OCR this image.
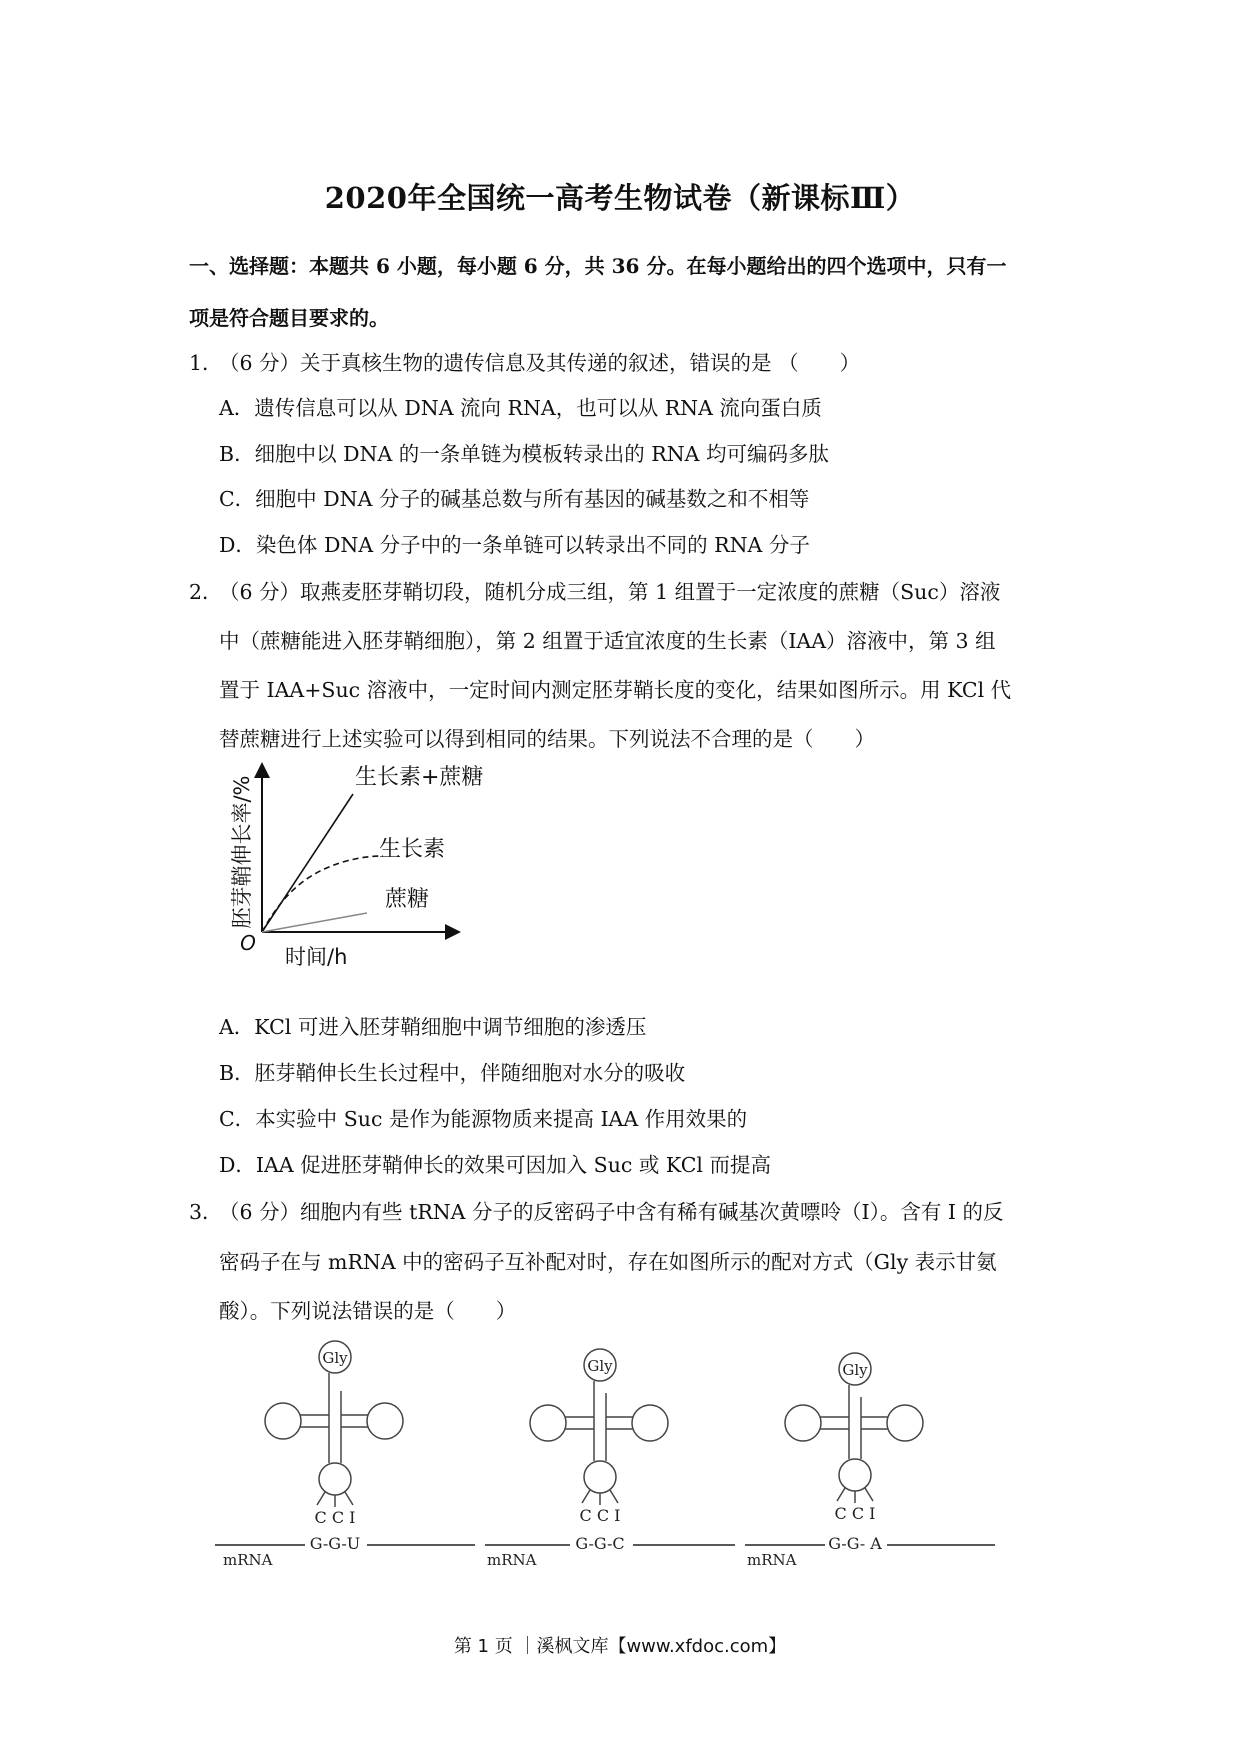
2020年全国统一高考生物试卷（新课标Ⅲ）
一、选择题：本题共 6 小题，每小题 6 分，共 36 分。在每小题给出的四个选项中，只有一
项是符合题目要求的。
1．（6 分）关于真核生物的遗传信息及其传递的叙述，错误的是 （　　）
A．遗传信息可以从 DNA 流向 RNA，也可以从 RNA 流向蛋白质
B．细胞中以 DNA 的一条单链为模板转录出的 RNA 均可编码多肽
C．细胞中 DNA 分子的碱基总数与所有基因的碱基数之和不相等
D．染色体 DNA 分子中的一条单链可以转录出不同的 RNA 分子
2．（6 分）取燕麦胚芽鞘切段，随机分成三组，第 1 组置于一定浓度的蔗糖（Suc）溶液
中（蔗糖能进入胚芽鞘细胞），第 2 组置于适宜浓度的生长素（IAA）溶液中，第 3 组
置于 IAA+Suc 溶液中，一定时间内测定胚芽鞘长度的变化，结果如图所示。用 KCl 代
替蔗糖进行上述实验可以得到相同的结果。下列说法不合理的是（　　）
生长素+蔗糖
生长素
蔗糖
胚芽鞘伸长率/%
O
时间/h
A．KCl 可进入胚芽鞘细胞中调节细胞的渗透压
B．胚芽鞘伸长生长过程中，伴随细胞对水分的吸收
C．本实验中 Suc 是作为能源物质来提高 IAA 作用效果的
D．IAA 促进胚芽鞘伸长的效果可因加入 Suc 或 KCl 而提高
3．（6 分）细胞内有些 tRNA 分子的反密码子中含有稀有碱基次黄嘌呤（I）。含有 I 的反
密码子在与 mRNA 中的密码子互补配对时，存在如图所示的配对方式（Gly 表示甘氨
酸）。下列说法错误的是（　　）
Gly
C C I
G-G-U
mRNA
Gly
C C I
G-G-C
mRNA
Gly
C C I
G-G- A
mRNA
第 1 页 ｜溪枫文库【www.xfdoc.com】
